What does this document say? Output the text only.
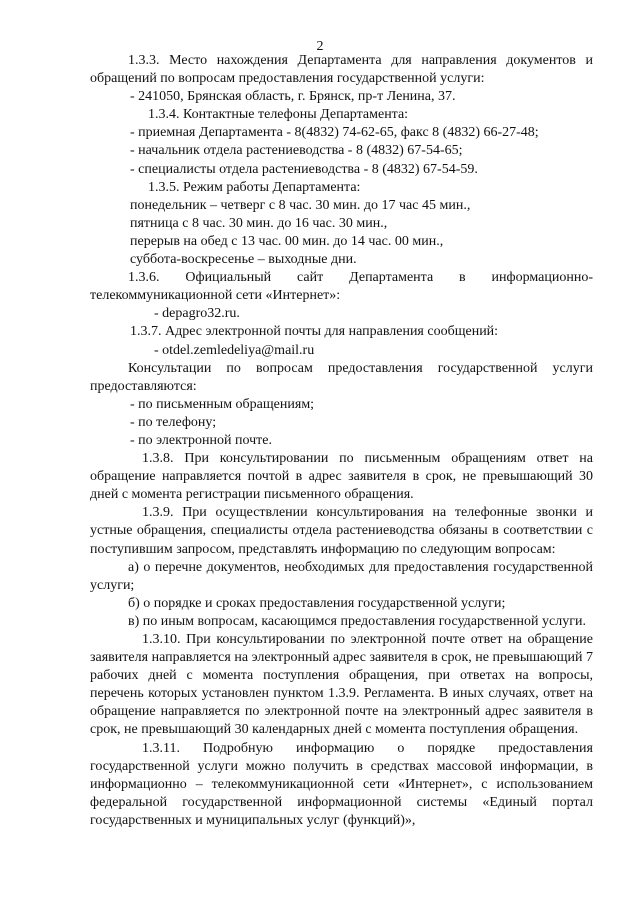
2

1.3.3. Место нахождения Департамента для направления документов и обращений по вопросам предоставления государственной услуги:

- 241050, Брянская область, г. Брянск, пр-т Ленина, 37.

1.3.4. Контактные телефоны Департамента:

- приемная Департамента - 8(4832) 74-62-65, факс 8 (4832) 66-27-48;

- начальник отдела растениеводства - 8 (4832) 67-54-65;

- специалисты отдела растениеводства - 8 (4832) 67-54-59.

1.3.5. Режим работы Департамента:

понедельник – четверг с 8 час. 30 мин. до 17 час 45 мин.,

пятница с 8 час. 30 мин. до 16 час. 30 мин.,

перерыв на обед с 13 час. 00 мин. до 14 час. 00 мин.,

суббота-воскресенье – выходные дни.

1.3.6. Официальный сайт Департамента в информационно-телекоммуникационной сети «Интернет»:

- depagro32.ru.

1.3.7. Адрес электронной почты для направления сообщений:

- otdel.zemledeliya@mail.ru

Консультации по вопросам предоставления государственной услуги предоставляются:

- по письменным обращениям;

- по телефону;

- по электронной почте.

1.3.8. При консультировании по письменным обращениям ответ на обращение направляется почтой в адрес заявителя в срок, не превышающий 30 дней с момента регистрации письменного обращения.

1.3.9. При осуществлении консультирования на телефонные звонки и устные обращения, специалисты отдела растениеводства обязаны в соответствии с поступившим запросом, представлять информацию по следующим вопросам:

а) о перечне документов, необходимых для предоставления государственной услуги;

б) о порядке и сроках предоставления государственной услуги;

в) по иным вопросам, касающимся предоставления государственной услуги.

1.3.10. При консультировании по электронной почте ответ на обращение заявителя направляется на электронный адрес заявителя в срок, не превышающий 7 рабочих дней с момента поступления обращения, при ответах на вопросы, перечень которых установлен пунктом 1.3.9. Регламента. В иных случаях, ответ на обращение направляется по электронной почте на электронный адрес заявителя в срок, не превышающий 30 календарных дней с момента поступления обращения.

1.3.11. Подробную информацию о порядке предоставления государственной услуги можно получить в средствах массовой информации, в информационно – телекоммуникационной сети «Интернет», с использованием федеральной государственной информационной системы «Единый портал государственных и муниципальных услуг (функций)»,
